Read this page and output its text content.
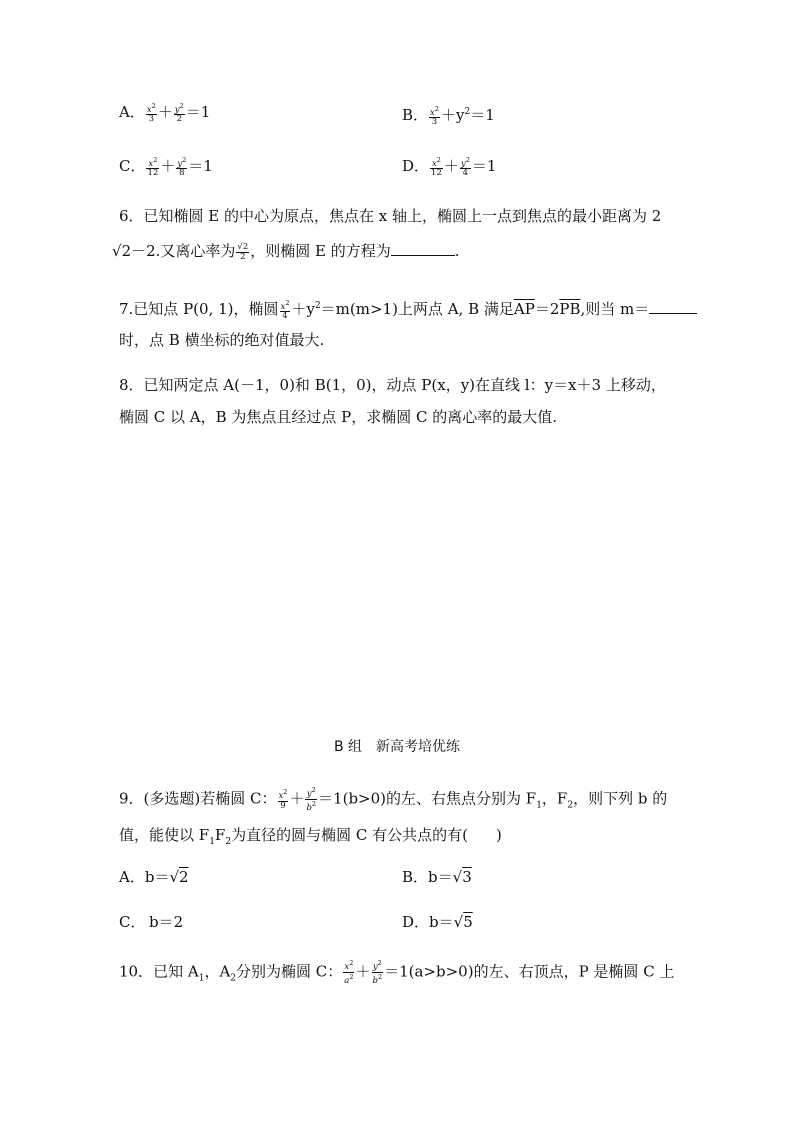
A． $\frac{x^2}{3} + \frac{y^2}{2} =1$	B． $\frac{x^2}{3} +y^2=1$
C． $\frac{x^2}{12} + \frac{y^2}{8} =1$	D． $\frac{x^2}{12} + \frac{y^2}{4} =1$
6．已知椭圆 E 的中心为原点，焦点在 x 轴上，椭圆上一点到焦点的最小距离为 2
√2－2.又离心率为 $\frac{√2}{2}$ ，则椭圆 E 的方程为	.
7.已知点 P(0, 1)，椭圆 $\frac{x^2}{4} +y^2=m(m>1)$上两点 A, B 满足$\overline{AP}=2\overline{PB}$,则当 m＝
时，点 B 横坐标的绝对值最大.
8．已知两定点 A(－1，0)和 B(1，0)，动点 P(x，y)在直线 l：y＝x＋3 上移动，
椭圆 C 以 A，B 为焦点且经过点 P，求椭圆 C 的离心率的最大值.
B 组　新高考培优练
9．(多选题)若椭圆 C： $\frac{x^2}{9} + \frac{y^2}{b^2} =1(b>0)$的左、右焦点分别为 $F_1$，$F_2$，则下列 b 的
值，能使以 $F_1F_2$为直径的圆与椭圆 C 有公共点的有( )
A．b＝√2	B．b＝√3
C． b＝2	D．b＝√5
10．已知 $A_1$，$A_2$分别为椭圆 C： $\frac{x^2}{a^2} + \frac{y^2}{b^2} =1(a>b>0)$的左、右顶点，P 是椭圆 C 上
